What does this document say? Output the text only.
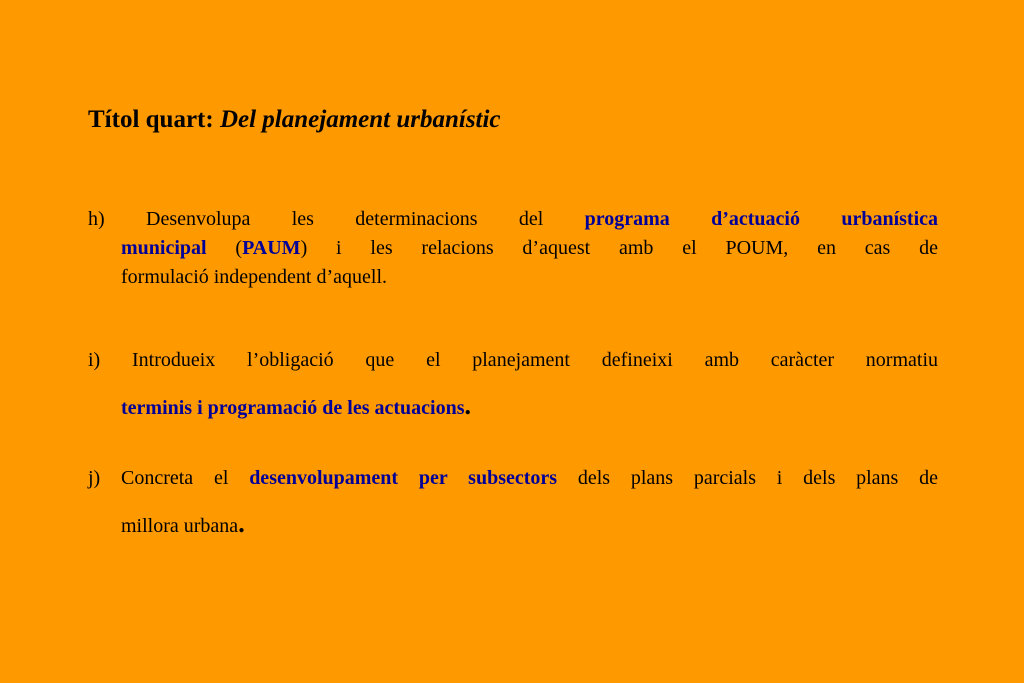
Títol quart: Del planejament urbanístic
h) Desenvolupa les determinacions del programa d’actuació urbanística
municipal (PAUM) i les relacions d’aquest amb el POUM, en cas de
formulació independent d’aquell.
i) Introdueix l’obligació que el planejament defineixi amb caràcter normatiu
terminis i programació de les actuacions.
j) Concreta el desenvolupament per subsectors dels plans parcials i dels plans de
millora urbana.
